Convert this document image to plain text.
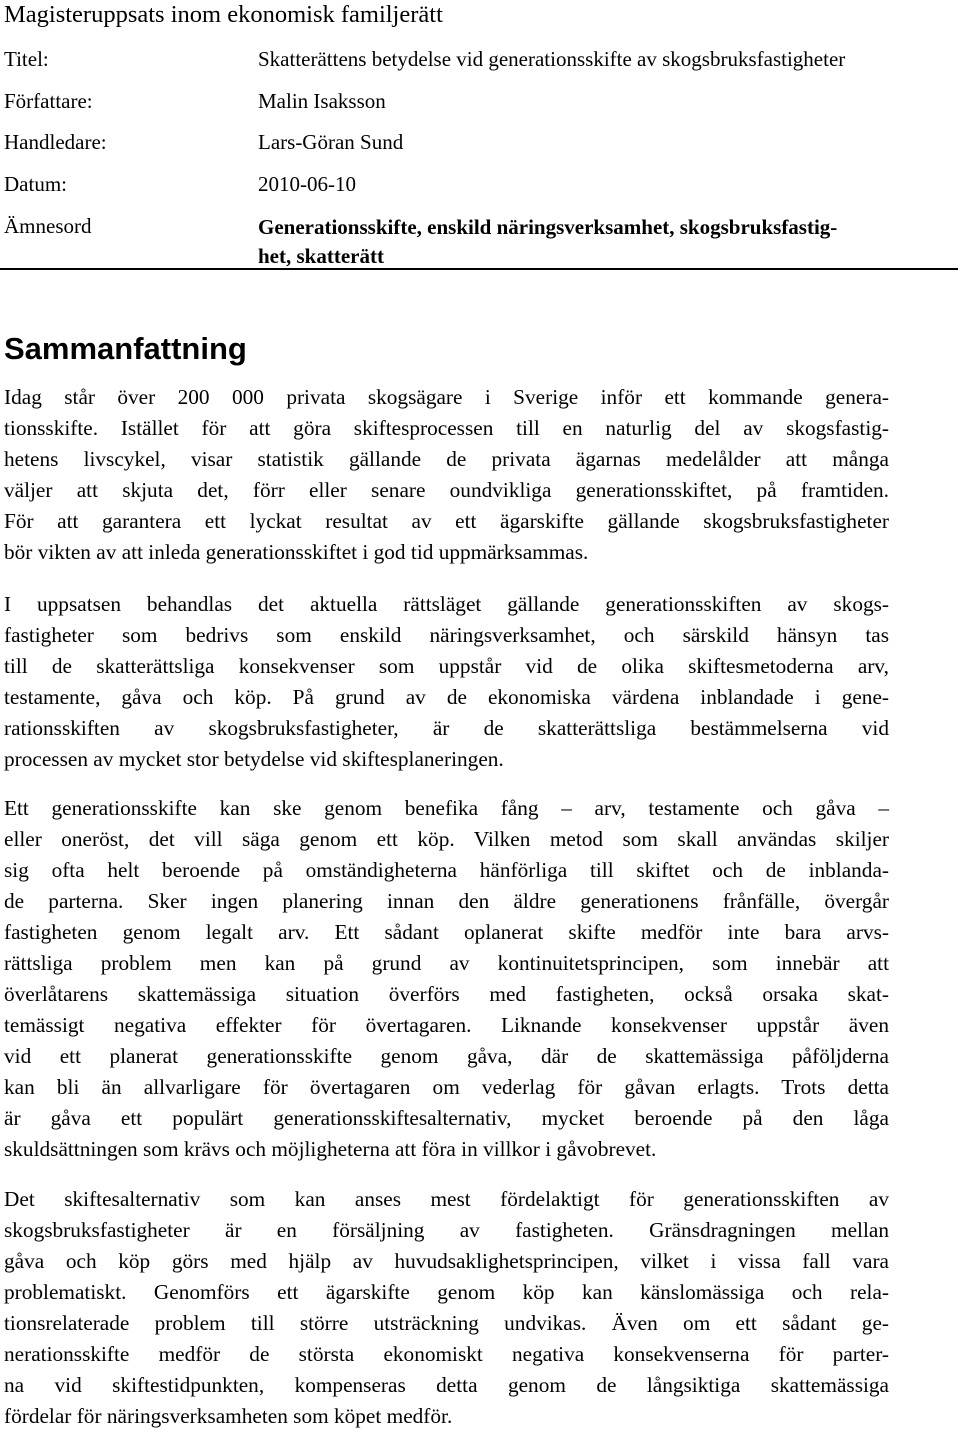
Magisteruppsats inom ekonomisk familjerätt
Titel:	Skatterättens betydelse vid generationsskifte av skogsbruksfastigheter
Författare:	Malin Isaksson
Handledare:	Lars-Göran Sund
Datum:	2010-06-10
Ämnesord	Generationsskifte, enskild näringsverksamhet, skogsbruksfastig-
het, skatterätt
Sammanfattning
Idag står över 200 000 privata skogsägare i Sverige inför ett kommande genera-
tionsskifte. Istället för att göra skiftesprocessen till en naturlig del av skogsfastig-
hetens livscykel, visar statistik gällande de privata ägarnas medelålder att många
väljer att skjuta det, förr eller senare oundvikliga generationsskiftet, på framtiden.
För att garantera ett lyckat resultat av ett ägarskifte gällande skogsbruksfastigheter
bör vikten av att inleda generationsskiftet i god tid uppmärksammas.
I uppsatsen behandlas det aktuella rättsläget gällande generationsskiften av skogs-
fastigheter som bedrivs som enskild näringsverksamhet, och särskild hänsyn tas
till de skatterättsliga konsekvenser som uppstår vid de olika skiftesmetoderna arv,
testamente, gåva och köp. På grund av de ekonomiska värdena inblandade i gene-
rationsskiften av skogsbruksfastigheter, är de skatterättsliga bestämmelserna vid
processen av mycket stor betydelse vid skiftesplaneringen.
Ett generationsskifte kan ske genom benefika fång – arv, testamente och gåva –
eller oneröst, det vill säga genom ett köp. Vilken metod som skall användas skiljer
sig ofta helt beroende på omständigheterna hänförliga till skiftet och de inblanda-
de parterna. Sker ingen planering innan den äldre generationens frånfälle, övergår
fastigheten genom legalt arv. Ett sådant oplanerat skifte medför inte bara arvs-
rättsliga problem men kan på grund av kontinuitetsprincipen, som innebär att
överlåtarens skattemässiga situation överförs med fastigheten, också orsaka skat-
temässigt negativa effekter för övertagaren. Liknande konsekvenser uppstår även
vid ett planerat generationsskifte genom gåva, där de skattemässiga påföljderna
kan bli än allvarligare för övertagaren om vederlag för gåvan erlagts. Trots detta
är gåva ett populärt generationsskiftesalternativ, mycket beroende på den låga
skuldsättningen som krävs och möjligheterna att föra in villkor i gåvobrevet.
Det skiftesalternativ som kan anses mest fördelaktigt för generationsskiften av
skogsbruksfastigheter är en försäljning av fastigheten. Gränsdragningen mellan
gåva och köp görs med hjälp av huvudsaklighetsprincipen, vilket i vissa fall vara
problematiskt. Genomförs ett ägarskifte genom köp kan känslomässiga och rela-
tionsrelaterade problem till större utsträckning undvikas. Även om ett sådant ge-
nerationsskifte medför de största ekonomiskt negativa konsekvenserna för parter-
na vid skiftestidpunkten, kompenseras detta genom de långsiktiga skattemässiga
fördelar för näringsverksamheten som köpet medför.
